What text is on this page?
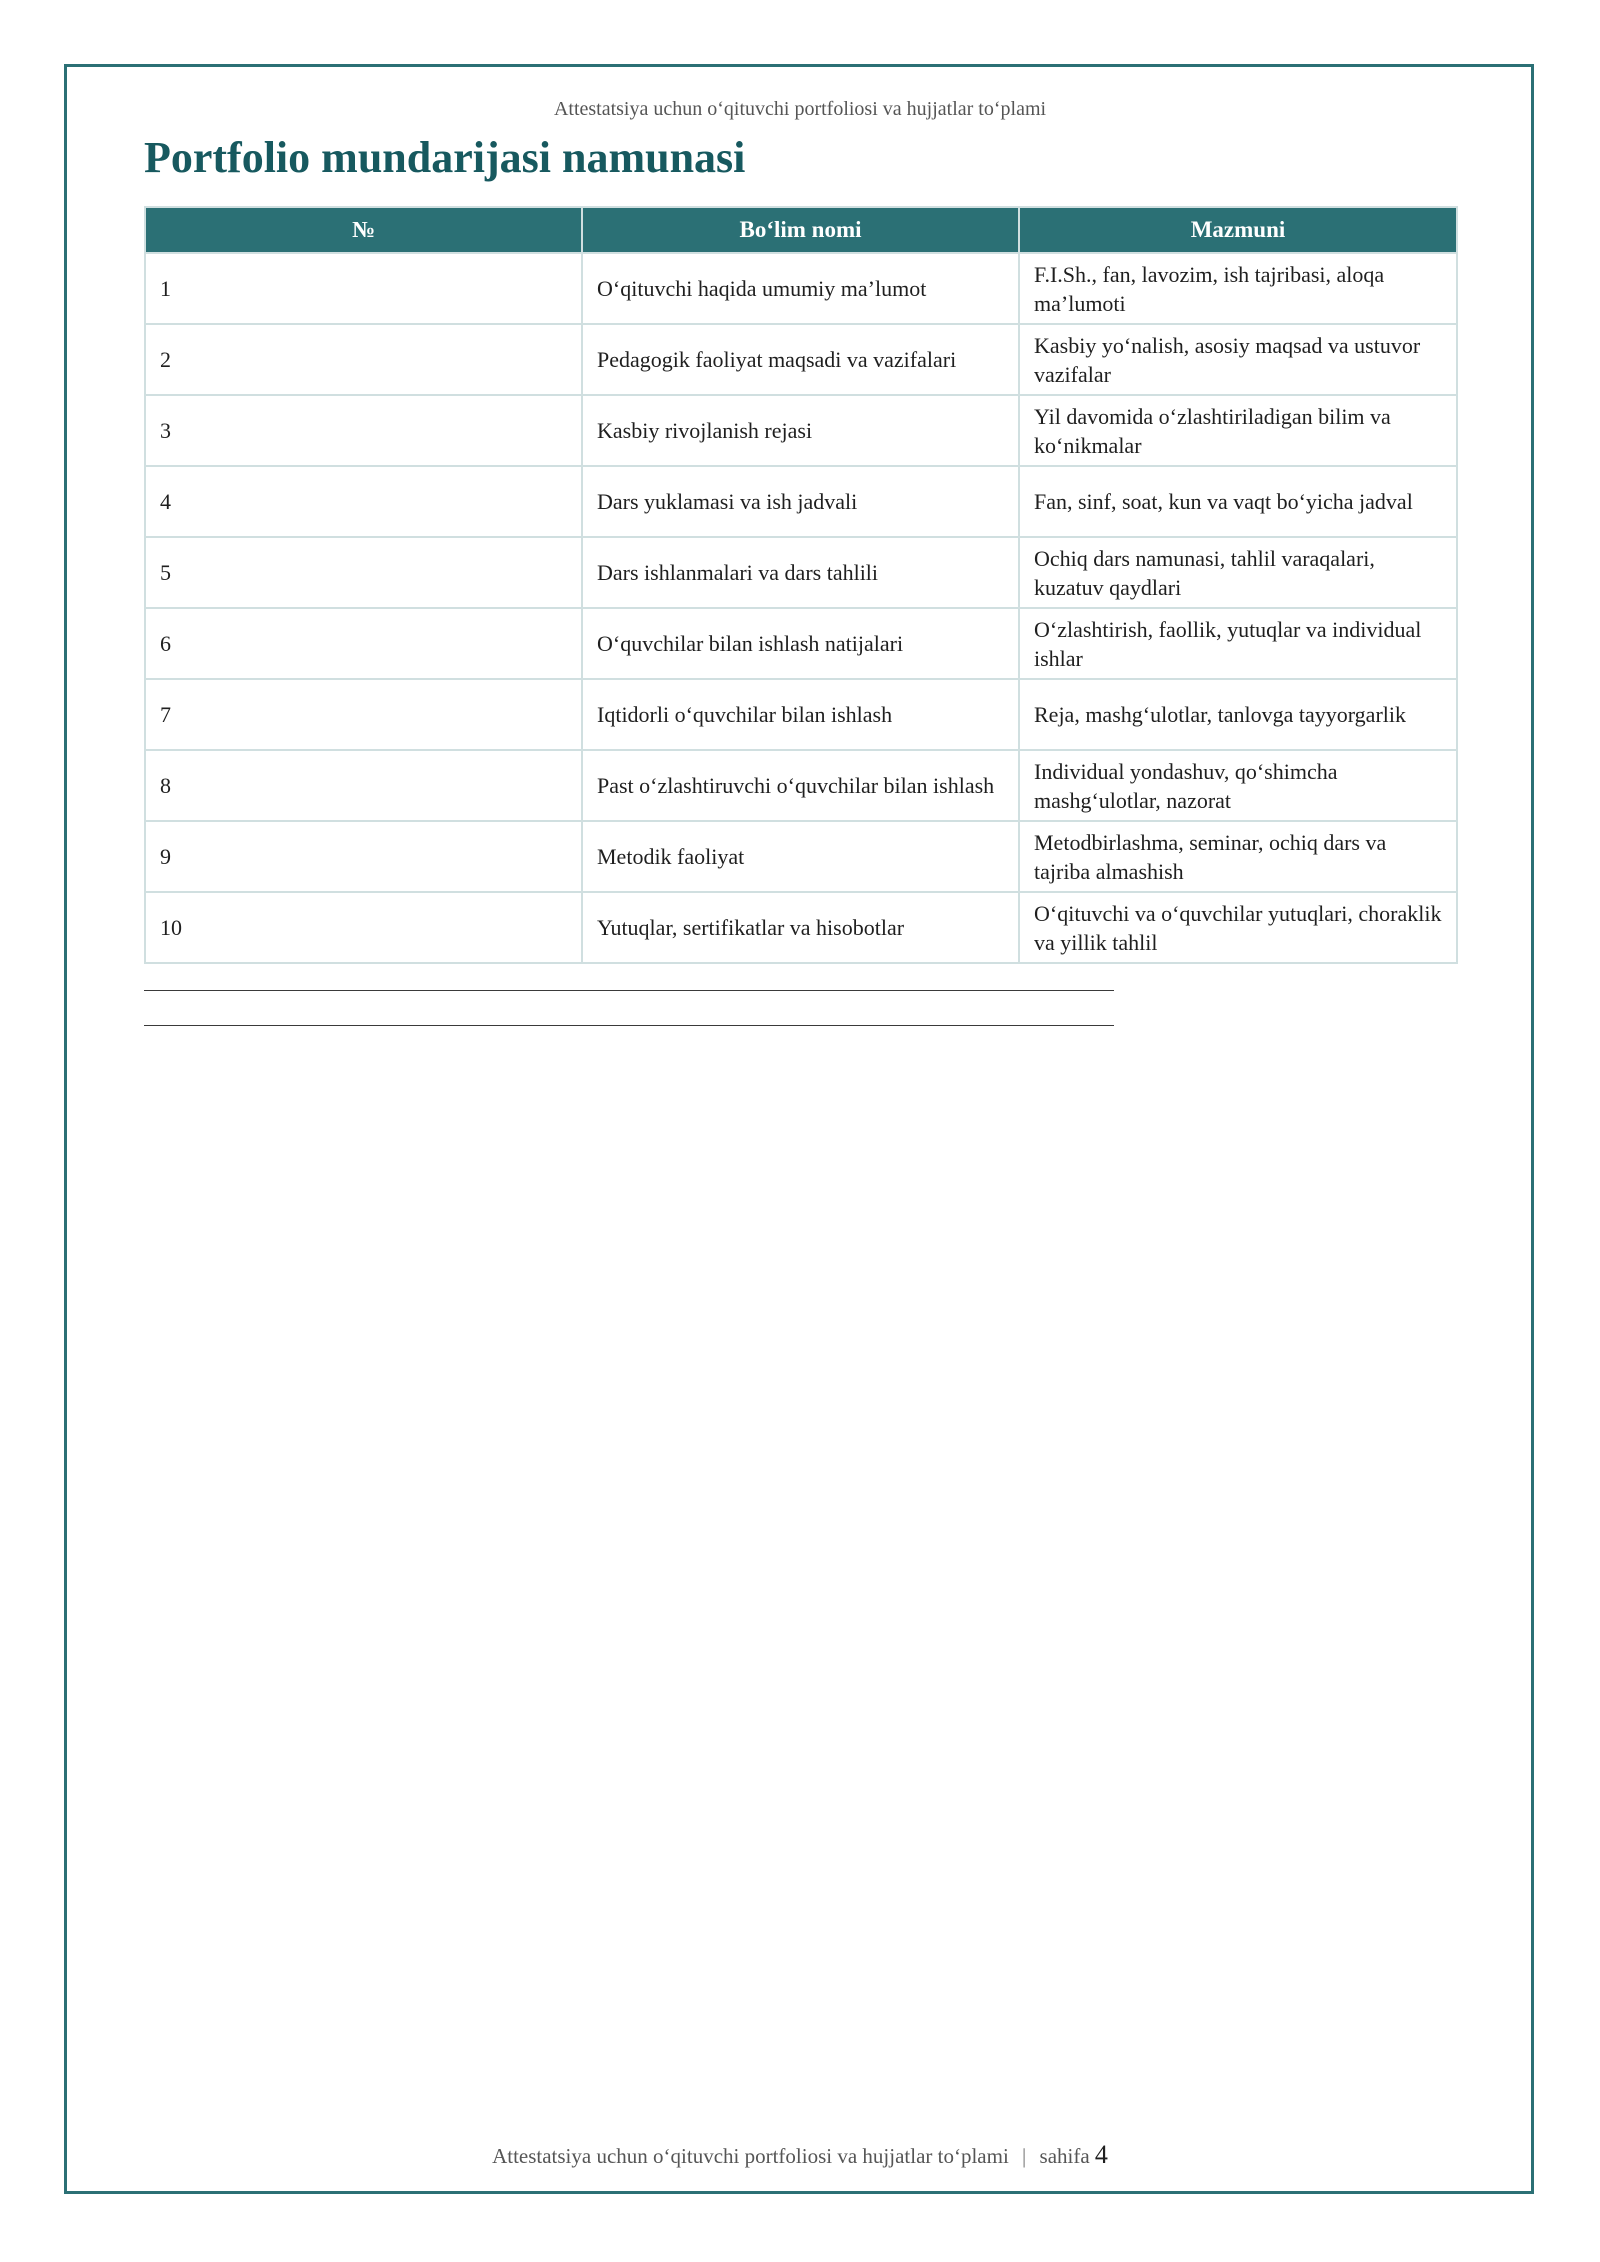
Attestatsiya uchun o‘qituvchi portfoliosi va hujjatlar to‘plami
Portfolio mundarijasi namunasi
№	Bo‘lim nomi	Mazmuni
1	O‘qituvchi haqida umumiy ma’lumot	F.I.Sh., fan, lavozim, ish tajribasi, aloqa ma’lumoti
2	Pedagogik faoliyat maqsadi va vazifalari	Kasbiy yo‘nalish, asosiy maqsad va ustuvor vazifalar
3	Kasbiy rivojlanish rejasi	Yil davomida o‘zlashtiriladigan bilim va ko‘nikmalar
4	Dars yuklamasi va ish jadvali	Fan, sinf, soat, kun va vaqt bo‘yicha jadval
5	Dars ishlanmalari va dars tahlili	Ochiq dars namunasi, tahlil varaqalari, kuzatuv qaydlari
6	O‘quvchilar bilan ishlash natijalari	O‘zlashtirish, faollik, yutuqlar va individual ishlar
7	Iqtidorli o‘quvchilar bilan ishlash	Reja, mashg‘ulotlar, tanlovga tayyorgarlik
8	Past o‘zlashtiruvchi o‘quvchilar bilan ishlash	Individual yondashuv, qo‘shimcha mashg‘ulotlar, nazorat
9	Metodik faoliyat	Metodbirlashma, seminar, ochiq dars va tajriba almashish
10	Yutuqlar, sertifikatlar va hisobotlar	O‘qituvchi va o‘quvchilar yutuqlari, choraklik va yillik tahlil
Attestatsiya uchun o‘qituvchi portfoliosi va hujjatlar to‘plami | sahifa 4
